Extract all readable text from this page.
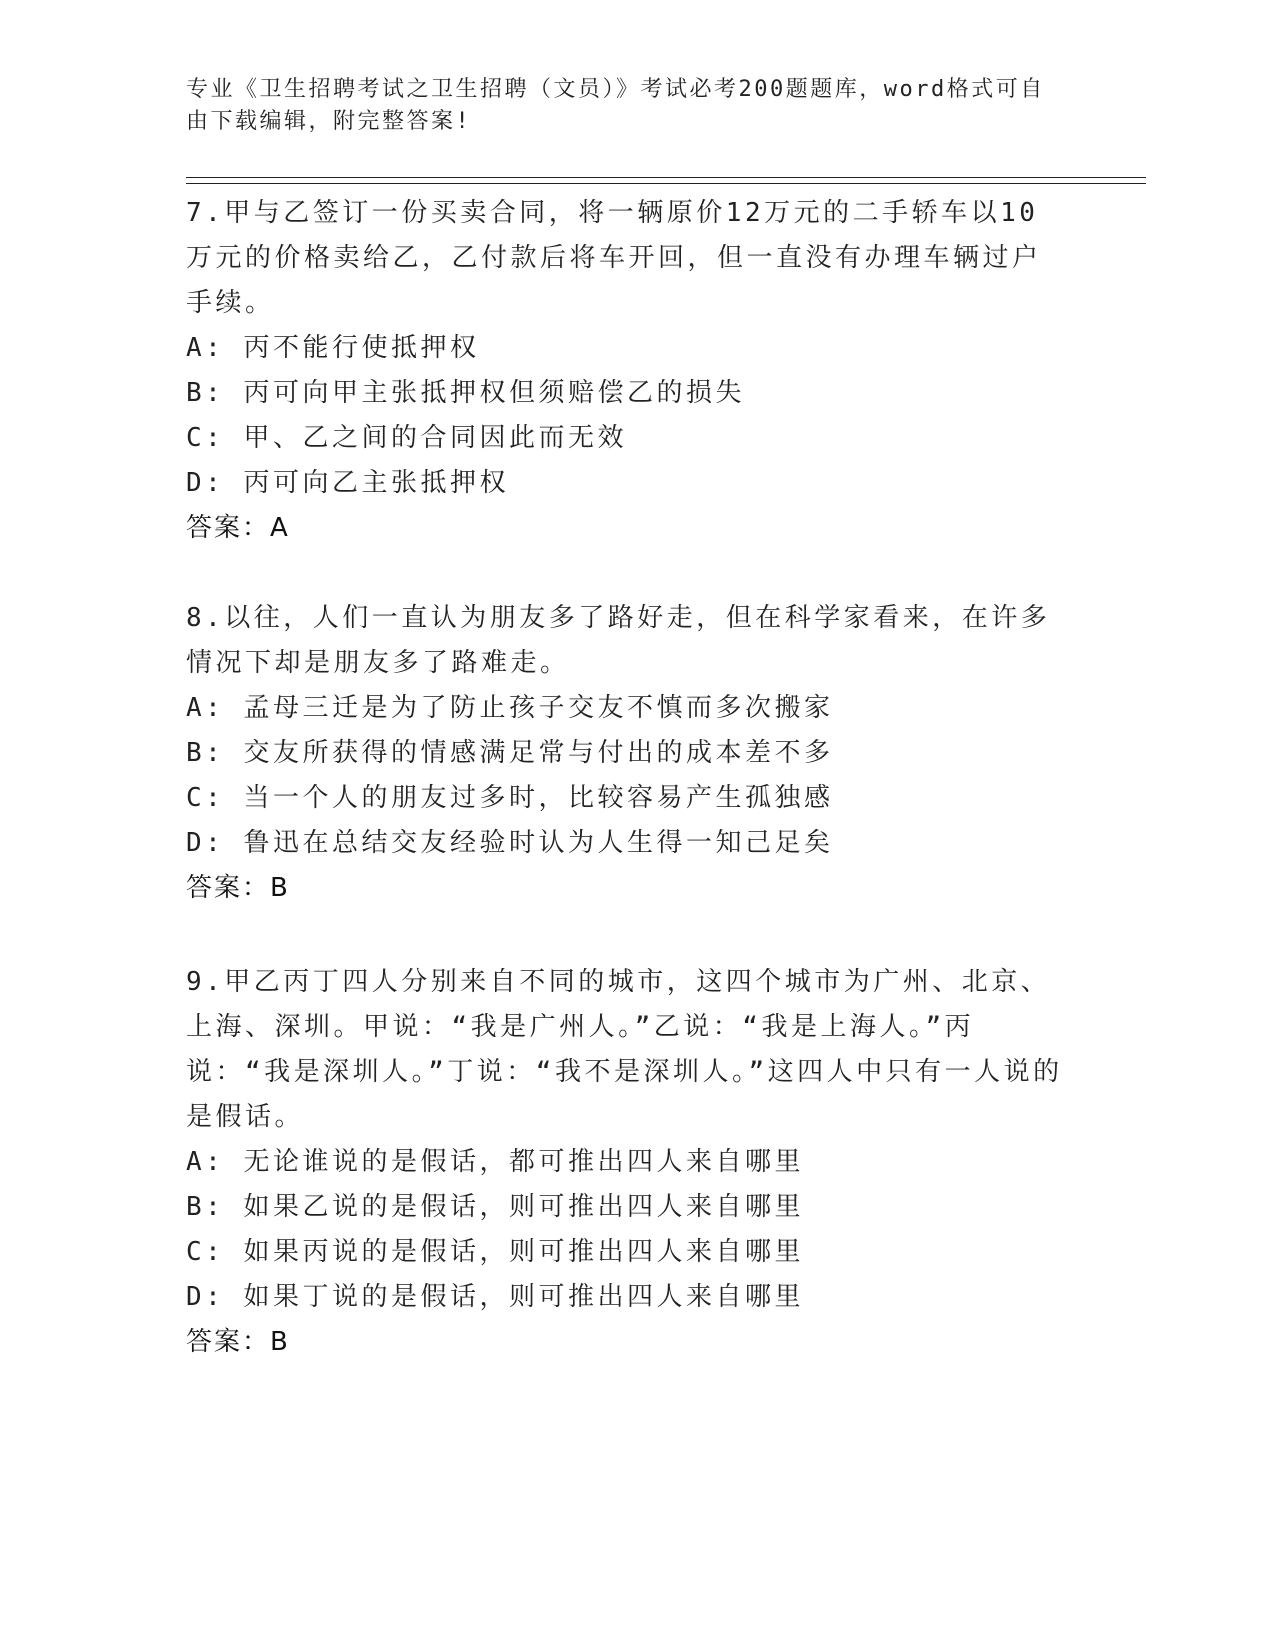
专业《卫生招聘考试之卫生招聘（文员）》考试必考200题题库，word格式可自由下载编辑，附完整答案!

7.甲与乙签订一份买卖合同，将一辆原价12万元的二手轿车以10万元的价格卖给乙，乙付款后将车开回，但一直没有办理车辆过户手续。

A: 丙不能行使抵押权

B: 丙可向甲主张抵押权但须赔偿乙的损失

C: 甲、乙之间的合同因此而无效

D: 丙可向乙主张抵押权

答案：A

8.以往，人们一直认为朋友多了路好走，但在科学家看来，在许多情况下却是朋友多了路难走。

A: 孟母三迁是为了防止孩子交友不慎而多次搬家

B: 交友所获得的情感满足常与付出的成本差不多

C: 当一个人的朋友过多时，比较容易产生孤独感

D: 鲁迅在总结交友经验时认为人生得一知己足矣

答案：B

9.甲乙丙丁四人分别来自不同的城市，这四个城市为广州、北京、上海、深圳。甲说：“我是广州人。”乙说：“我是上海人。”丙说：“我是深圳人。”丁说：“我不是深圳人。”这四人中只有一人说的是假话。

A: 无论谁说的是假话，都可推出四人来自哪里

B: 如果乙说的是假话，则可推出四人来自哪里

C: 如果丙说的是假话，则可推出四人来自哪里

D: 如果丁说的是假话，则可推出四人来自哪里

答案：B
